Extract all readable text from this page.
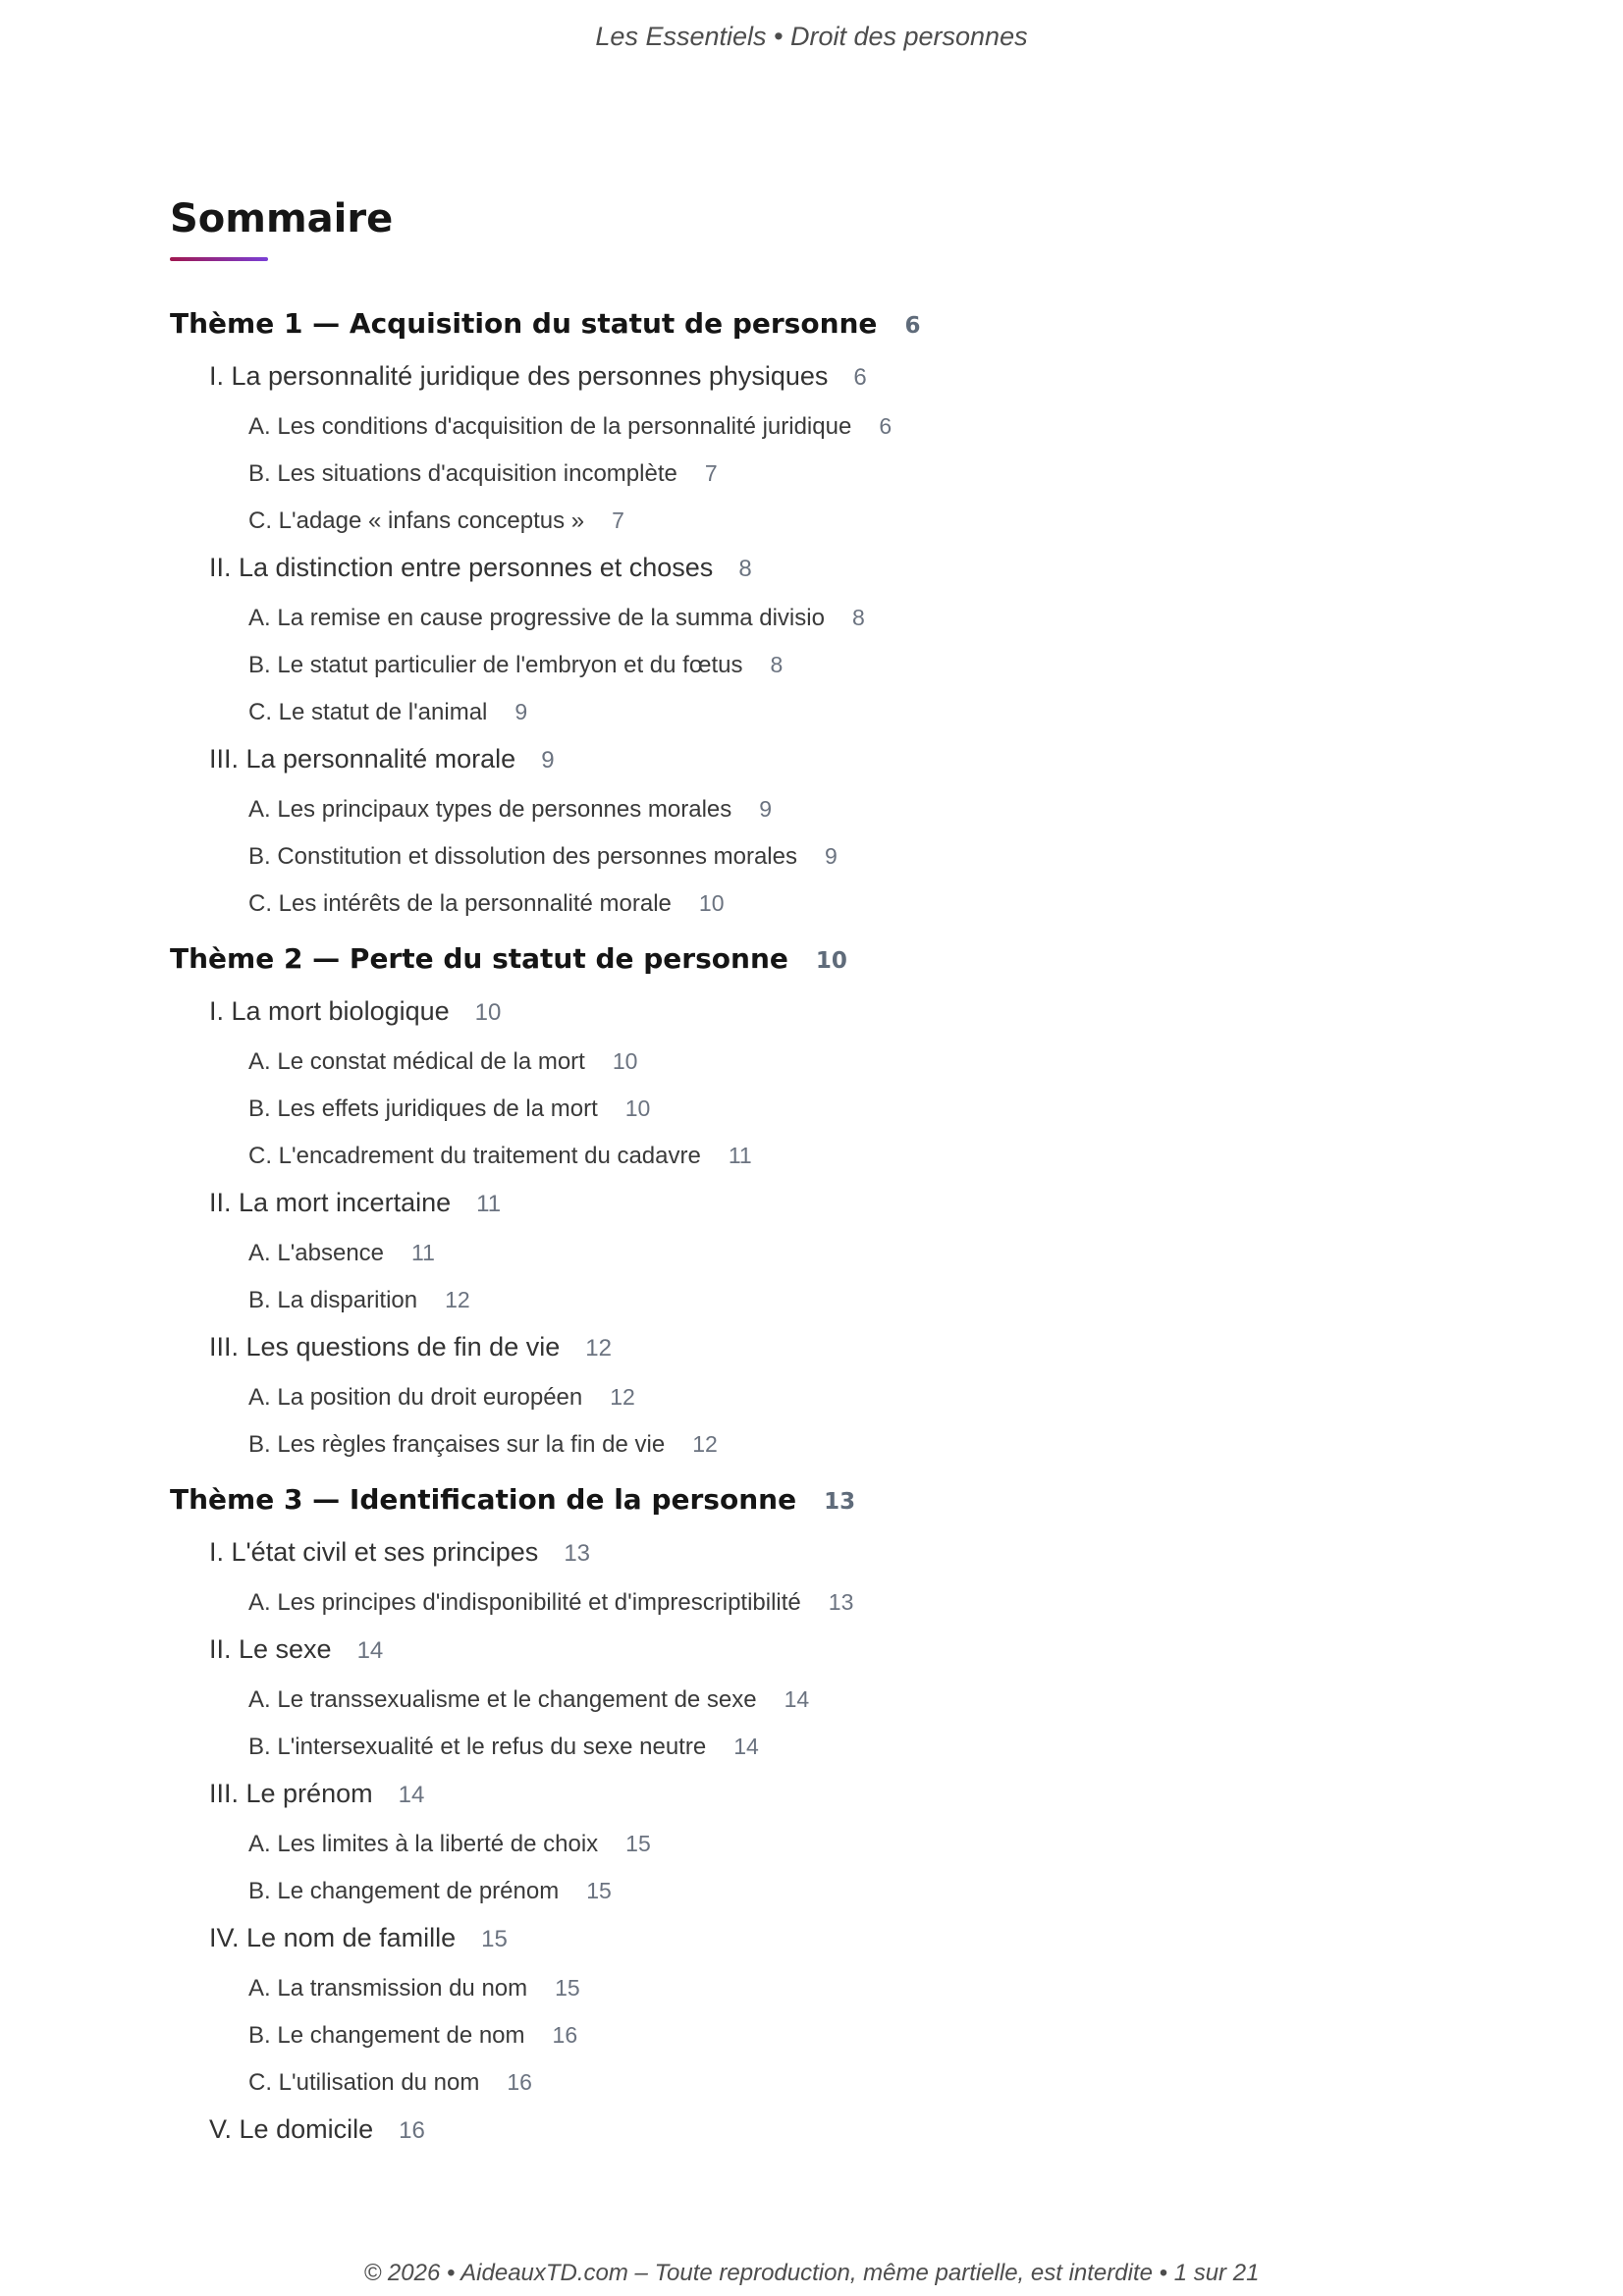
Les Essentiels • Droit des personnes
Sommaire
Thème 1 — Acquisition du statut de personne 6
I. La personnalité juridique des personnes physiques 6
A. Les conditions d'acquisition de la personnalité juridique 6
B. Les situations d'acquisition incomplète 7
C. L'adage « infans conceptus » 7
II. La distinction entre personnes et choses 8
A. La remise en cause progressive de la summa divisio 8
B. Le statut particulier de l'embryon et du fœtus 8
C. Le statut de l'animal 9
III. La personnalité morale 9
A. Les principaux types de personnes morales 9
B. Constitution et dissolution des personnes morales 9
C. Les intérêts de la personnalité morale 10
Thème 2 — Perte du statut de personne 10
I. La mort biologique 10
A. Le constat médical de la mort 10
B. Les effets juridiques de la mort 10
C. L'encadrement du traitement du cadavre 11
II. La mort incertaine 11
A. L'absence 11
B. La disparition 12
III. Les questions de fin de vie 12
A. La position du droit européen 12
B. Les règles françaises sur la fin de vie 12
Thème 3 — Identification de la personne 13
I. L'état civil et ses principes 13
A. Les principes d'indisponibilité et d'imprescriptibilité 13
II. Le sexe 14
A. Le transsexualisme et le changement de sexe 14
B. L'intersexualité et le refus du sexe neutre 14
III. Le prénom 14
A. Les limites à la liberté de choix 15
B. Le changement de prénom 15
IV. Le nom de famille 15
A. La transmission du nom 15
B. Le changement de nom 16
C. L'utilisation du nom 16
V. Le domicile 16
© 2026 • AideauxTD.com – Toute reproduction, même partielle, est interdite • 1 sur 21
